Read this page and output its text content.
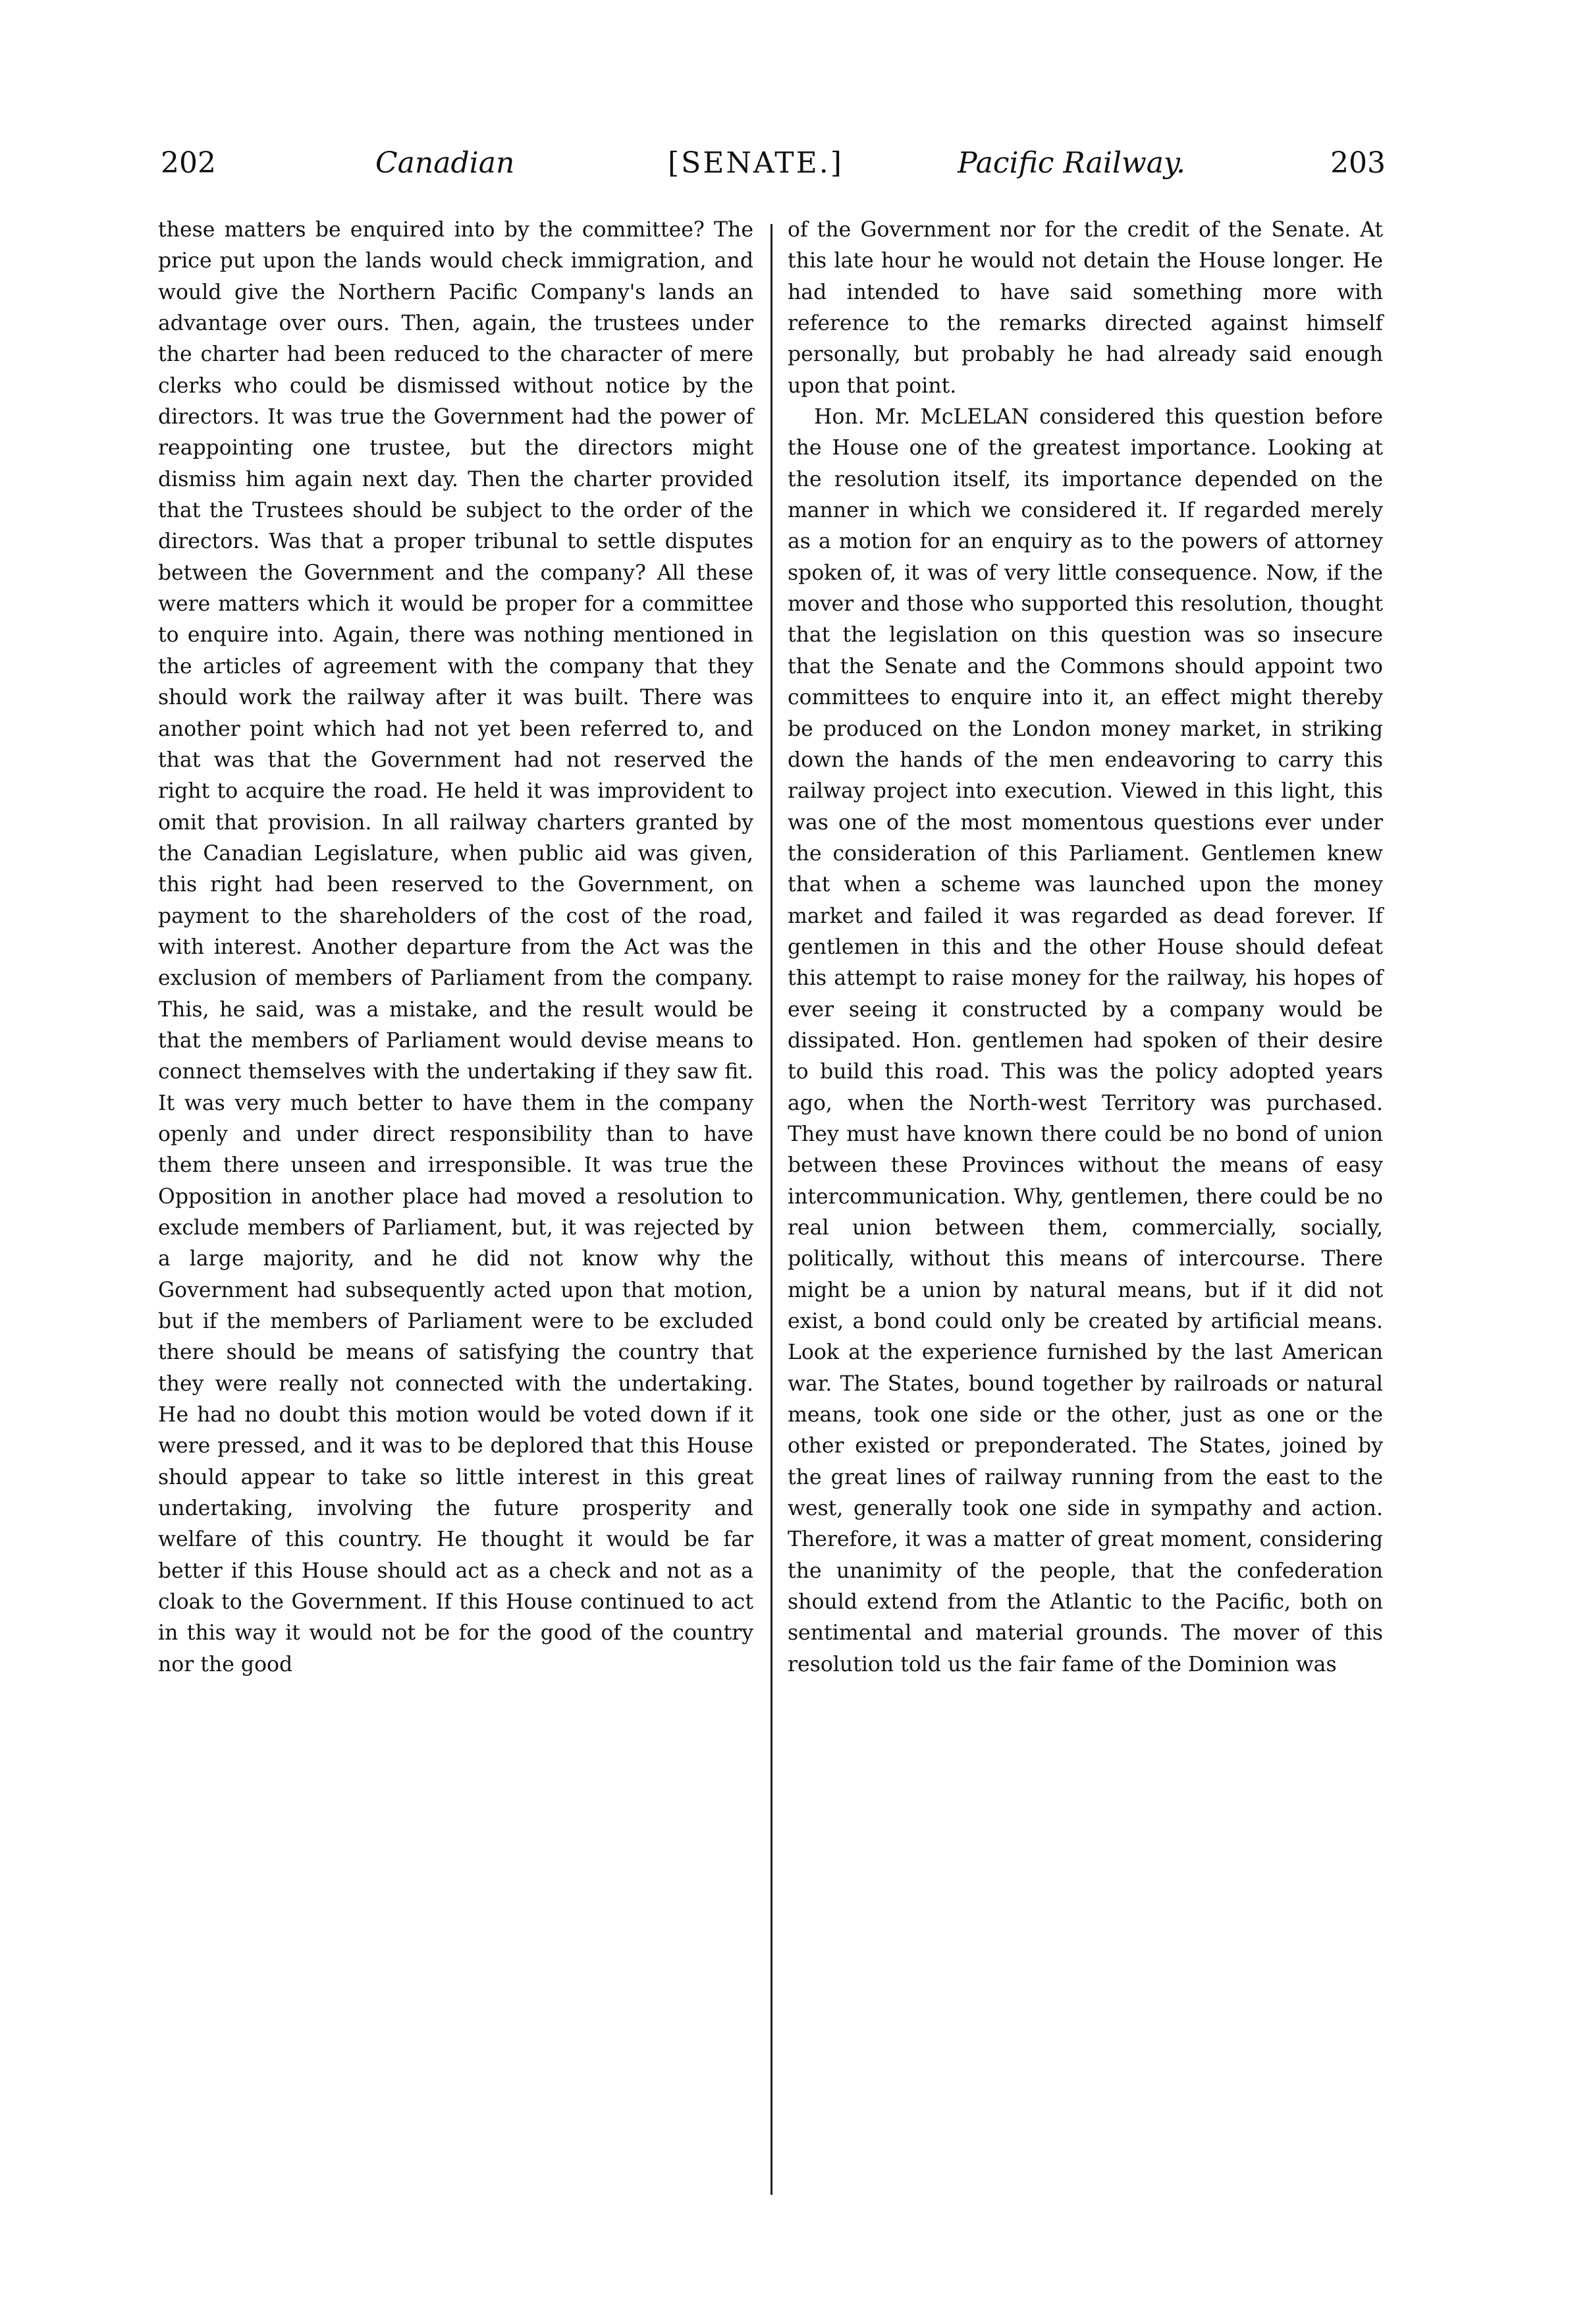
202	Canadian	[SENATE.]	Pacific Railway.	203

these matters be enquired into by the committee? The price put upon the lands would check immigration, and would give the Northern Pacific Company's lands an advantage over ours. Then, again, the trustees under the charter had been reduced to the character of mere clerks who could be dismissed without notice by the directors. It was true the Government had the power of reappointing one trustee, but the directors might dismiss him again next day. Then the charter provided that the Trustees should be subject to the order of the directors. Was that a proper tribunal to settle disputes between the Government and the company? All these were matters which it would be proper for a committee to enquire into. Again, there was nothing mentioned in the articles of agreement with the company that they should work the railway after it was built. There was another point which had not yet been referred to, and that was that the Government had not reserved the right to acquire the road. He held it was improvident to omit that provision. In all railway charters granted by the Canadian Legislature, when public aid was given, this right had been reserved to the Government, on payment to the shareholders of the cost of the road, with interest. Another departure from the Act was the exclusion of members of Parliament from the company. This, he said, was a mistake, and the result would be that the members of Parliament would devise means to connect themselves with the undertaking if they saw fit. It was very much better to have them in the company openly and under direct responsibility than to have them there unseen and irresponsible. It was true the Opposition in another place had moved a resolution to exclude members of Parliament, but, it was rejected by a large majority, and he did not know why the Government had subsequently acted upon that motion, but if the members of Parliament were to be excluded there should be means of satisfying the country that they were really not connected with the undertaking. He had no doubt this motion would be voted down if it were pressed, and it was to be deplored that this House should appear to take so little interest in this great undertaking, involving the future prosperity and welfare of this country. He thought it would be far better if this House should act as a check and not as a cloak to the Government. If this House continued to act in this way it would not be for the good of the country nor the good

of the Government nor for the credit of the Senate. At this late hour he would not detain the House longer. He had intended to have said something more with reference to the remarks directed against himself personally, but probably he had already said enough upon that point.

Hon. Mr. McLELAN considered this question before the House one of the greatest importance. Looking at the resolution itself, its importance depended on the manner in which we considered it. If regarded merely as a motion for an enquiry as to the powers of attorney spoken of, it was of very little consequence. Now, if the mover and those who supported this resolution, thought that the legislation on this question was so insecure that the Senate and the Commons should appoint two committees to enquire into it, an effect might thereby be produced on the London money market, in striking down the hands of the men endeavoring to carry this railway project into execution. Viewed in this light, this was one of the most momentous questions ever under the consideration of this Parliament. Gentlemen knew that when a scheme was launched upon the money market and failed it was regarded as dead forever. If gentlemen in this and the other House should defeat this attempt to raise money for the railway, his hopes of ever seeing it constructed by a company would be dissipated. Hon. gentlemen had spoken of their desire to build this road. This was the policy adopted years ago, when the North-west Territory was purchased. They must have known there could be no bond of union between these Provinces without the means of easy intercommunication. Why, gentlemen, there could be no real union between them, commercially, socially, politically, without this means of intercourse. There might be a union by natural means, but if it did not exist, a bond could only be created by artificial means. Look at the experience furnished by the last American war. The States, bound together by railroads or natural means, took one side or the other, just as one or the other existed or preponderated. The States, joined by the great lines of railway running from the east to the west, generally took one side in sympathy and action. Therefore, it was a matter of great moment, considering the unanimity of the people, that the confederation should extend from the Atlantic to the Pacific, both on sentimental and material grounds. The mover of this resolution told us the fair fame of the Dominion was
